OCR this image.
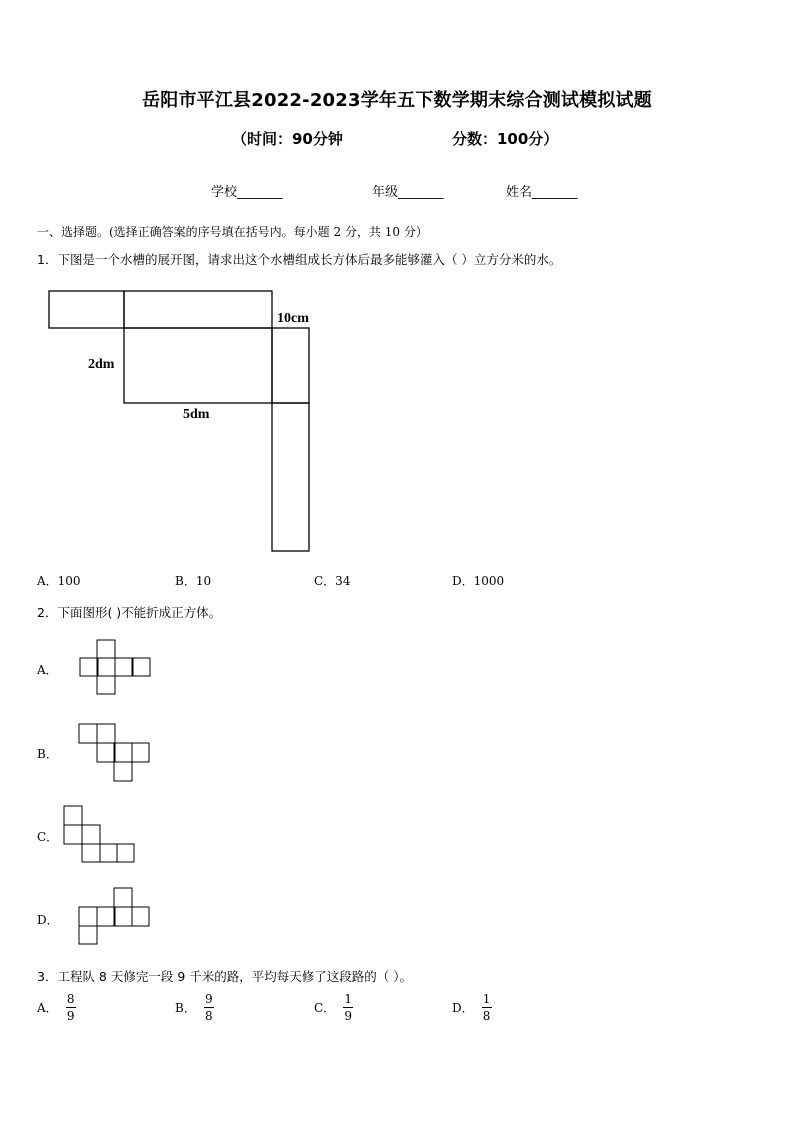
岳阳市平江县2022-2023学年五下数学期末综合测试模拟试题
（时间：90分钟	分数：100分）
学校_______	年级_______	姓名_______
一、选择题。(选择正确答案的序号填在括号内。每小题 2 分，共 10 分）
1．下图是一个水槽的展开图，请求出这个水槽组成长方体后最多能够灌入（ ）立方分米的水。
10cm
2dm
5dm
A．100	B．10	C．34	D．1000
2．下面图形( )不能折成正方体。
A．
B．
C．
D．
3．工程队 8 天修完一段 9 千米的路，平均每天修了这段路的（ ）。
A． $\frac{8}{9}$	B． $\frac{9}{8}$	C． $\frac{1}{9}$	D． $\frac{1}{8}$
